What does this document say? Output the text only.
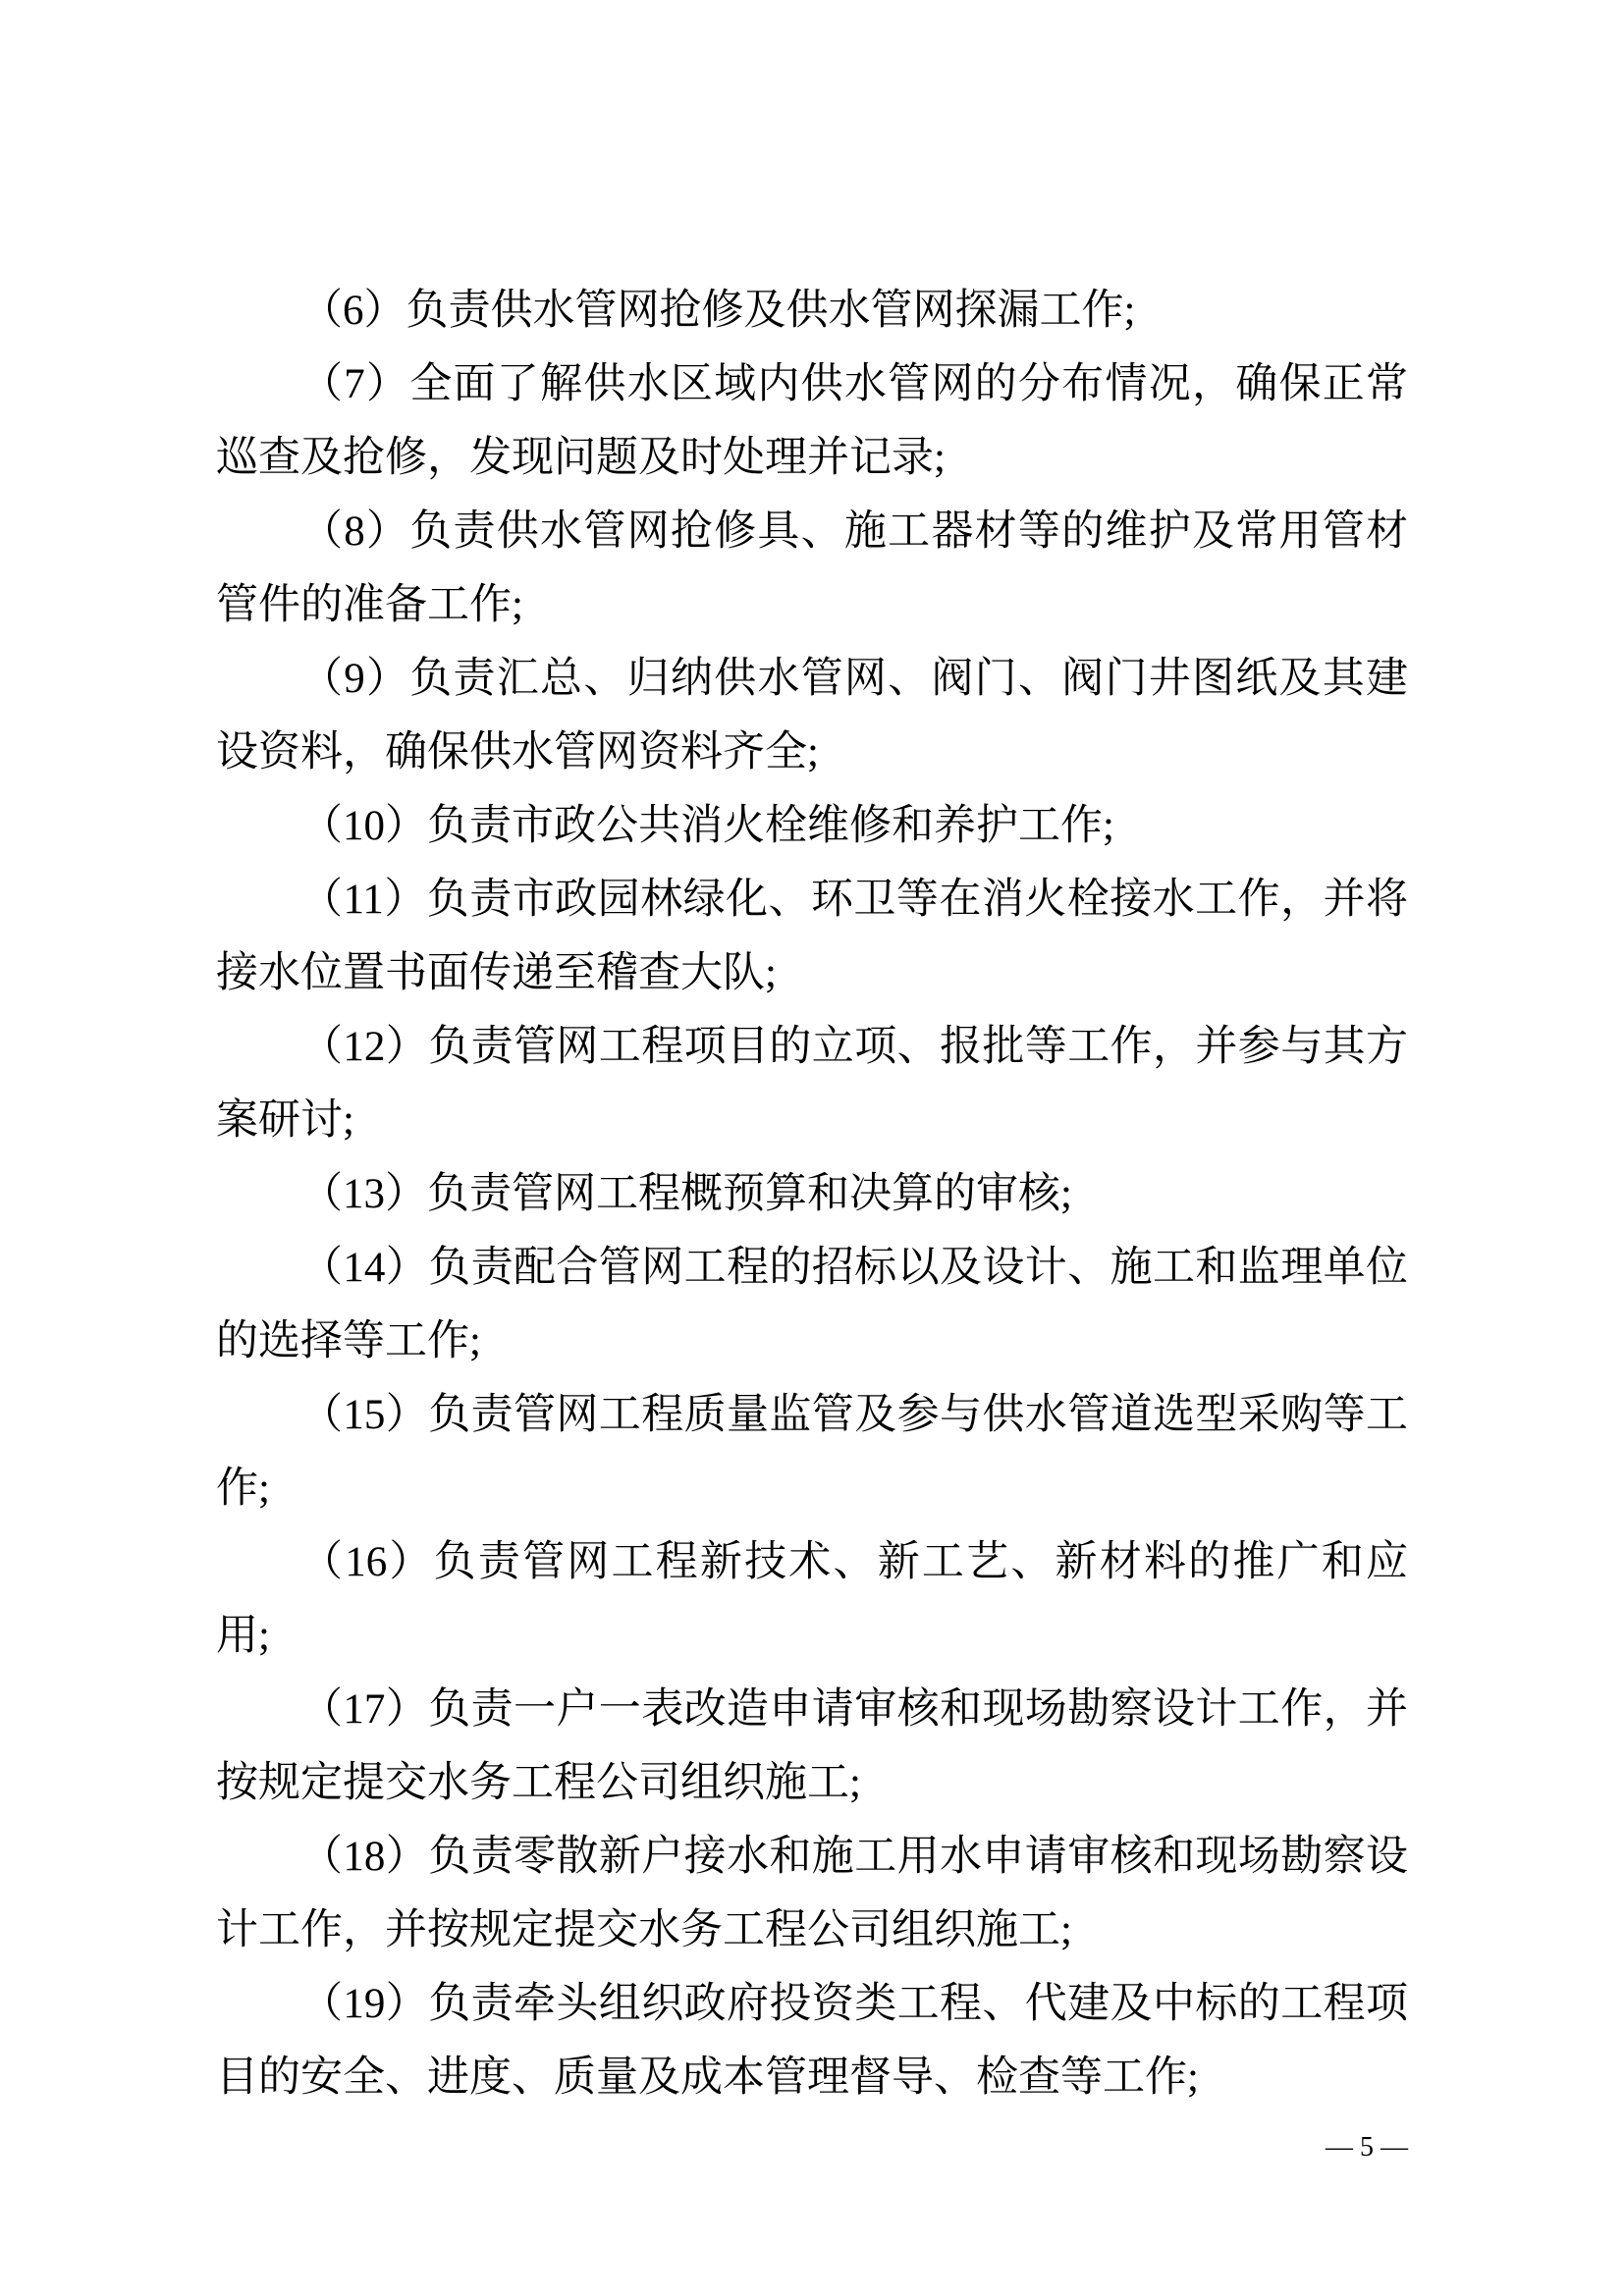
（6）负责供水管网抢修及供水管网探漏工作;

（7）全面了解供水区域内供水管网的分布情况，确保正常巡查及抢修，发现问题及时处理并记录;

（8）负责供水管网抢修具、施工器材等的维护及常用管材管件的准备工作;

（9）负责汇总、归纳供水管网、阀门、阀门井图纸及其建设资料，确保供水管网资料齐全;

（10）负责市政公共消火栓维修和养护工作;

（11）负责市政园林绿化、环卫等在消火栓接水工作，并将接水位置书面传递至稽查大队;

（12）负责管网工程项目的立项、报批等工作，并参与其方案研讨;

（13）负责管网工程概预算和决算的审核;

（14）负责配合管网工程的招标以及设计、施工和监理单位的选择等工作;

（15）负责管网工程质量监管及参与供水管道选型采购等工作;

（16）负责管网工程新技术、新工艺、新材料的推广和应用;

（17）负责一户一表改造申请审核和现场勘察设计工作，并按规定提交水务工程公司组织施工;

（18）负责零散新户接水和施工用水申请审核和现场勘察设计工作，并按规定提交水务工程公司组织施工;

（19）负责牵头组织政府投资类工程、代建及中标的工程项目的安全、进度、质量及成本管理督导、检查等工作;

— 5 —
